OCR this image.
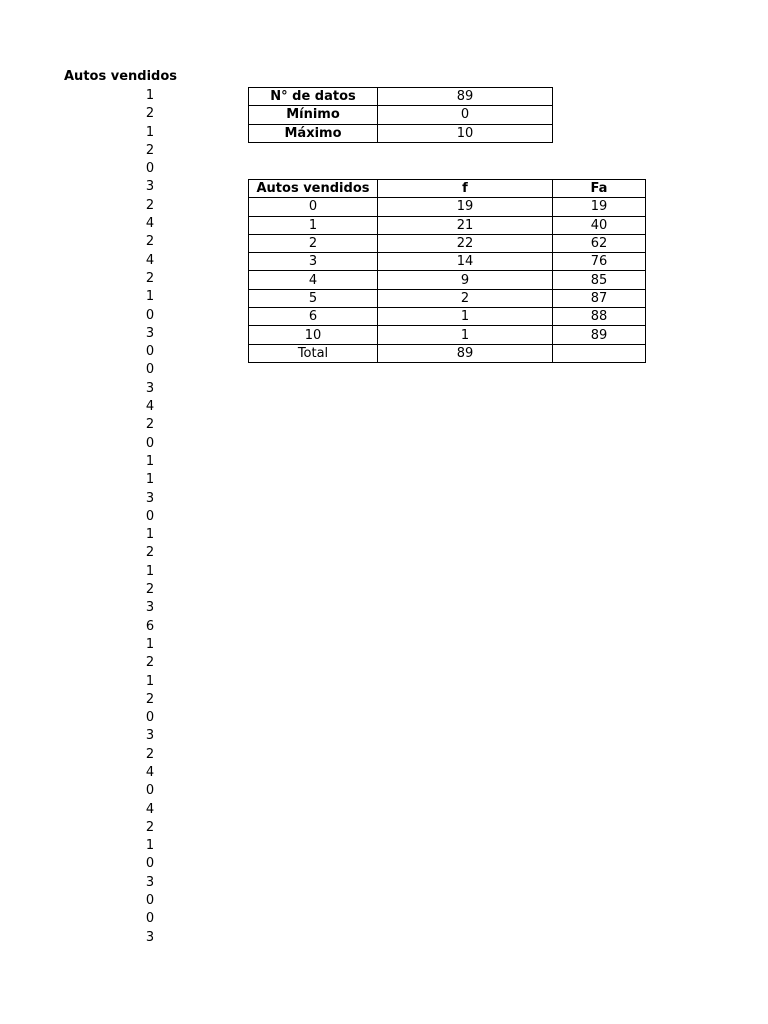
Autos vendidos
1
2
1
2
0
3
2
4
2
4
2
1
0
3
0
0
3
4
2
0
1
1
3
0
1
2
1
2
3
6
1
2
1
2
0
3
2
4
0
4
2
1
0
3
0
0
3
N° de datos	89
Mínimo	0
Máximo	10
Autos vendidos	f	Fa
0	19	19
1	21	40
2	22	62
3	14	76
4	9	85
5	2	87
6	1	88
10	1	89
Total	89	
